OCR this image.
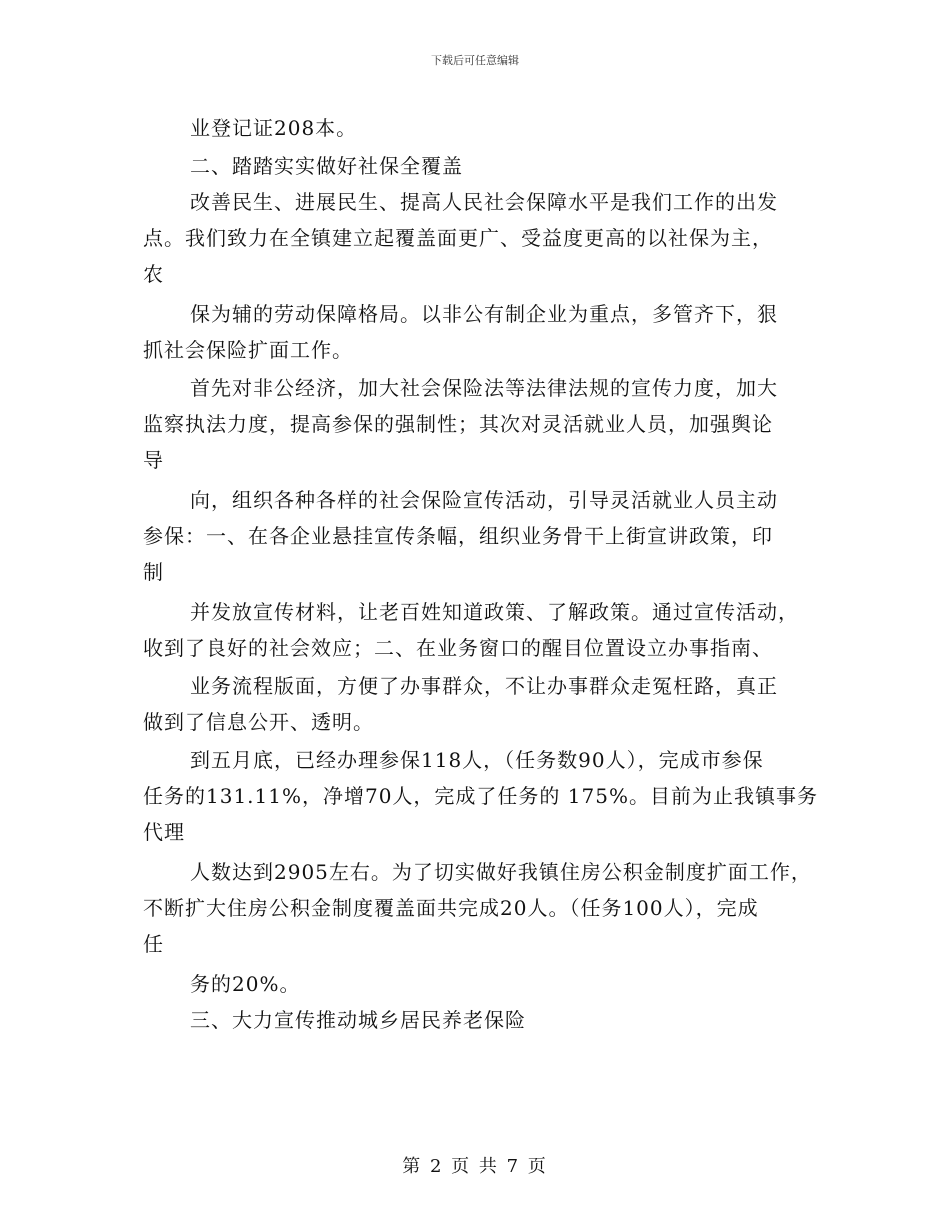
下载后可任意编辑
业登记证208本。
二、踏踏实实做好社保全覆盖
改善民生、进展民生、提高人民社会保障水平是我们工作的出发
点。我们致力在全镇建立起覆盖面更广、受益度更高的以社保为主，
农
保为辅的劳动保障格局。以非公有制企业为重点，多管齐下，狠
抓社会保险扩面工作。
首先对非公经济，加大社会保险法等法律法规的宣传力度，加大
监察执法力度，提高参保的强制性；其次对灵活就业人员，加强舆论
导
向，组织各种各样的社会保险宣传活动，引导灵活就业人员主动
参保：一、在各企业悬挂宣传条幅，组织业务骨干上街宣讲政策，印
制
并发放宣传材料，让老百姓知道政策、了解政策。通过宣传活动，
收到了良好的社会效应；二、在业务窗口的醒目位置设立办事指南、
业务流程版面，方便了办事群众，不让办事群众走冤枉路，真正
做到了信息公开、透明。
到五月底，已经办理参保118人，（任务数90人），完成市参保
任务的131.11%，净增70人，完成了任务的 175%。目前为止我镇事务
代理
人数达到2905左右。为了切实做好我镇住房公积金制度扩面工作，
不断扩大住房公积金制度覆盖面共完成20人。（任务100人），完成
任
务的20%。
三、大力宣传推动城乡居民养老保险
第 2 页 共 7 页
